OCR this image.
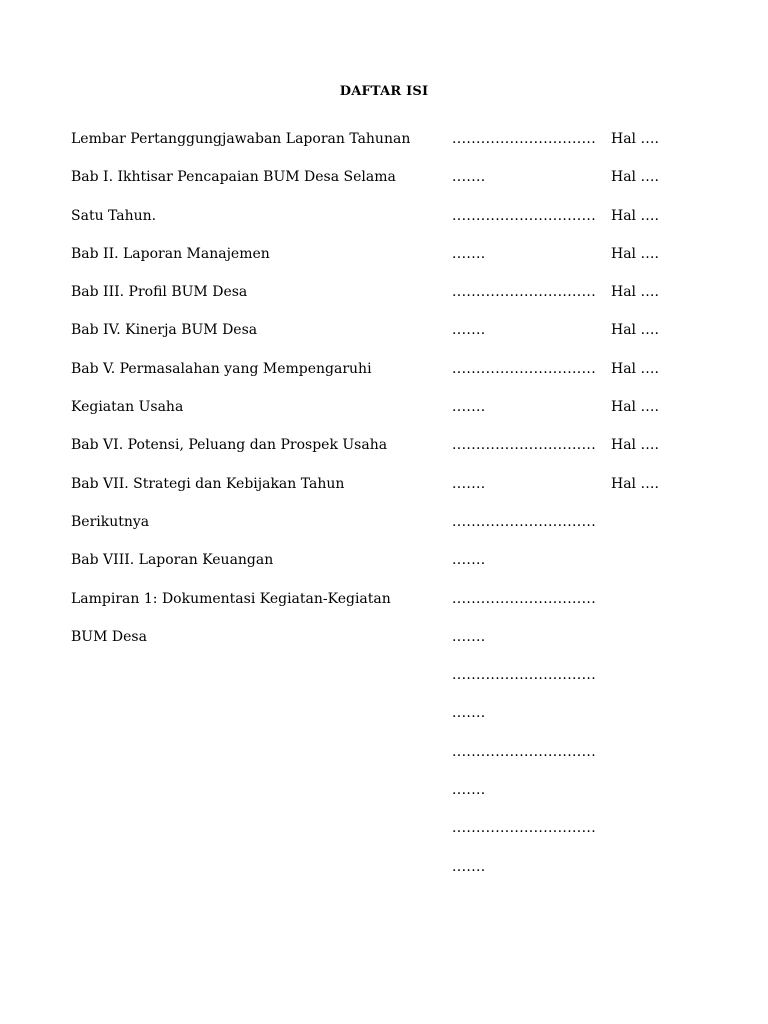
DAFTAR ISI
Lembar Pertanggungjawaban Laporan Tahunan	.............................. Hal ….
Bab I. Ikhtisar Pencapaian BUM Desa Selama	.......	Hal ….
Satu Tahun.	.............................. Hal ….
Bab II. Laporan Manajemen	.......	Hal ….
Bab III. Profil BUM Desa	.............................. Hal ….
Bab IV. Kinerja BUM Desa	.......	Hal ….
Bab V. Permasalahan yang Mempengaruhi	.............................. Hal ….
Kegiatan Usaha	.......	Hal ….
Bab VI. Potensi, Peluang dan Prospek Usaha	.............................. Hal ….
Bab VII. Strategi dan Kebijakan Tahun	.......	Hal ….
Berikutnya	..............................
Bab VIII. Laporan Keuangan	.......
Lampiran 1: Dokumentasi Kegiatan-Kegiatan	..............................
BUM Desa	.......
..............................
.......
..............................
.......
..............................
.......
